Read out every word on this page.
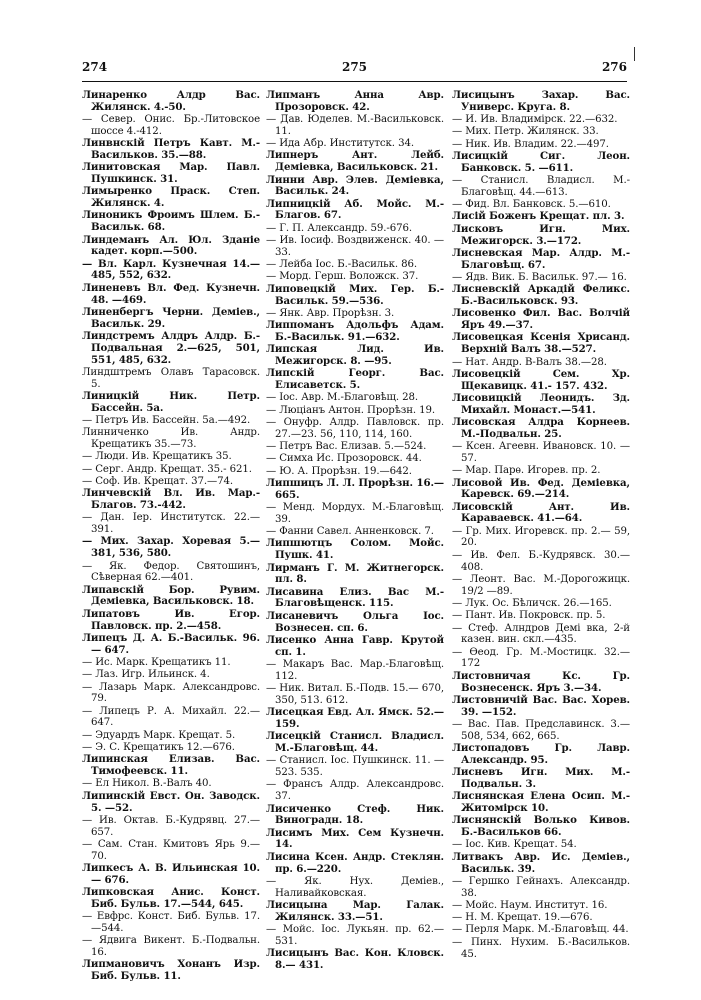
274	275	276
Линаренко Алдр Вас. Жилянск. 4.-50.
— Север. Онис. Бр.-Литовское шоссе 4.-412.
Линвнскій Петръ Кавт. М.-Васильков. 35.—88.
Линитовская Мар. Павл. Пушкинск. 31.
Лимыренко Праск. Степ. Жилянск. 4.
Линоникъ Фроимъ Шлем. Б.-Васильк. 68.
Линдеманъ Ал. Юл. Зданіе кадет. корп.—500.
— Вл. Карл. Кузнечная 14.—485, 552, 632.
Линеневъ Вл. Фед. Кузнечн. 48. —469.
Линенбергъ Черни. Деміев., Васильк. 29.
Линдстремъ Алдръ Алдр. Б.-Подвальная 2.—625, 501, 551, 485, 632.
Линдштремъ Олавъ Тарасовск. 5.
Линицкій Ник. Петр. Бассейн. 5а.
— Петръ Ив. Бассейн. 5а.—492.
Линниченко Ив. Андр. Крещатикъ 35.—73.
— Люди. Ив. Крещатикъ 35.
— Серг. Андр. Крещат. 35.- 621.
— Соф. Ив. Крещат. 37.—74.
Линчевскій Вл. Ив. Мар.-Благов. 73.-442.
— Дан. Іер. Институтск. 22.— 391.
— Мих. Захар. Хоревая 5.— 381, 536, 580.
— Як. Федор. Святошинъ, Сѣверная 62.—401.
Липавскій Бор. Рувим. Деміевка, Васильковск. 18.
Липатовъ Ив. Егор. Павловск. пр. 2.—458.
Липецъ Д. А. Б.-Васильк. 96.— 647.
— Ис. Марк. Крещатикъ 11.
— Лаз. Игр. Ильинск. 4.
— Лазарь Марк. Александровс. 79.
— Липецъ Р. А. Михайл. 22.— 647.
— Эдуардъ Марк. Крещат. 5.
— Э. С. Крещатикъ 12.—676.
Липинская Елизав. Вас. Тимофеевск. 11.
— Ел Никол. В.-Валъ 40.
Липинскій Евст. Он. Заводск. 5. —52.
— Ив. Октав. Б.-Кудрявц. 27.— 657.
— Сам. Стан. Кмитовъ Ярь 9.— 70.
Липкесъ А. В. Ильинская 10.— 676.
Липковская Анис. Конст. Биб. Бульв. 17.—544, 645.
— Евфрс. Конст. Биб. Бульв. 17. —544.
— Ядвига Викент. Б.-Подвальн. 16.
Липмановичъ Хонанъ Изр. Биб. Бульв. 11.
Липманъ Анна Авр. Прозоровск. 42.
— Дав. Юделев. М.-Васильковск. 11.
— Идa Абр. Институтск. 34.
Липнеръ Ант. Лейб. Деміевка, Васильковск. 21.
Линни Авр. Элев. Деміевка, Васильк. 24.
Липницкій Аб. Мойс. М.-Благов. 67.
— Г. П. Александр. 59.-676.
— Ив. Іосиф. Воздвиженск. 40. —33.
— Лейба Іос. Б.-Васильк. 86.
— Морд. Герш. Воложск. 37.
Липовецкій Мих. Гер. Б.-Васильк. 59.—536.
— Янк. Авр. Прорѣзн. 3.
Липпоманъ Адольфъ Адам. Б.-Васильк. 91.—632.
Липская Лид. Ив. Межигорск. 8. —95.
Липскій Георг. Вас. Елисаветск. 5.
— Іос. Авр. М.-Благовѣщ. 28.
— Люціанъ Антон. Прорѣзн. 19.
— Онуфр. Алдр. Павловск. пр. 27.—23. 56, 110, 114, 160.
— Петръ Вас. Елизав. 5.—524.
— Симха Ис. Прозоровск. 44.
— Ю. А. Прорѣзн. 19.—642.
Липшицъ Л. Л. Прорѣзн. 16.— 665.
— Менд. Мордух. М.-Благовѣщ. 39.
— Фанни Савел. Анненковск. 7.
Липшютцъ Солом. Мойс. Пушк. 41.
Лирманъ Г. М. Житнегорск. пл. 8.
Лисавина Елиз. Вас М.-Благовѣщенск. 115.
Лисаневичъ Ольга Іос. Вознесен. сп. 6.
Лисенко Анна Гавр. Крутой сп. 1.
— Макаръ Вас. Мар.-Благовѣщ. 112.
— Ник. Витал. Б.-Подв. 15.— 670, 350, 513. 612.
Лисецкая Евд. Ал. Ямск. 52.— 159.
Лисецкій Станисл. Владисл. М.-Благовѣщ. 44.
— Станисл. Іос. Пушкинск. 11. —523. 535.
— Франсъ Алдр. Александровс. 37.
Лисиченко Стеф. Ник. Виноградн. 18.
Лисимъ Мих. Сем Кузнечн. 14.
Лисина Ксен. Андр. Стеклян. пр. 6.—220.
— Як. Нух. Деміев., Наливайковская.
Лисицына Мар. Галак. Жилянск. 33.—51.
— Мойс. Іос. Лукьян. пр. 62.— 531.
Лисицынъ Вас. Кон. Кловск. 8.— 431.
Лисицынъ Захар. Вас. Универс. Круга. 8.
— И. Ив. Владимірск. 22.—632.
— Мих. Петр. Жилянск. 33.
— Ник. Ив. Владим. 22.—497.
Лисицкій Сиг. Леон. Банковск. 5. —611.
— Станисл. Владисл. М.-Благовѣщ. 44.—613.
— Фид. Вл. Банковск. 5.—610.
Лисій Боженъ Крещат. пл. 3.
Лисковъ Игн. Мих. Межигорск. 3.—172.
Лисневская Мар. Алдр. М.-Благовѣщ. 67.
— Ядв. Вик. Б. Васильк. 97.— 16.
Лисневскій Аркадій Феликс. Б.-Васильковск. 93.
Лисовенко Фил. Вас. Волчій Яръ 49.—37.
Лисовецкая Ксенія Хрисанд. Верхній Валъ 38.—527.
— Нат. Андр. В-Валъ 38.—28.
Лисовецкій Сем. Хр. Щекавицк. 41.- 157. 432.
Лисовицкій Леонидъ. Зд. Михайл. Монаст.—541.
Лисовская Алдра Корнеев. М.-Подвальн. 25.
— Ксен. Агеевн. Ивановск. 10. —57.
— Мар. Парѳ. Игорев. пр. 2.
Лисовой Ив. Фед. Деміевка, Каревск. 69.—214.
Лисовскій Ант. Ив. Караваевск. 41.—64.
— Гр. Мих. Игоревск. пр. 2.— 59, 20.
— Ив. Фел. Б.-Кудрявск. 30.— 408.
— Леонт. Вас. М.-Дорогожицк. 19/2 —89.
— Лук. Ос. Бѣличск. 26.—165.
— Пант. Ив. Покровск. пр. 5.
— Стеф. Алндров Демі вка, 2-й казен. вин. скл.—435.
— Ѳеод. Гр. М.-Мостицк. 32.— 172
Листовничая Кс. Гр. Вознесенск. Яръ 3.—34.
Листовничій Вас. Вас. Хорев. 39. —152.
— Вас. Пав. Предславинск. 3.— 508, 534, 662, 665.
Листопадовъ Гр. Лавр. Александр. 95.
Лисневъ Игн. Мих. М.-Подвальн. 3.
Лиснянская Елена Осип. М.-Житомірск 10.
Лиснянскій Волько Кивов. Б.-Васильков 66.
— Іос. Кив. Крещат. 54.
Литвакъ Авр. Ис. Деміев., Васильк. 39.
— Гершко Гейнахъ. Александр. 38.
— Мойс. Наум. Институт. 16.
— Н. М. Крещат. 19.—676.
— Перля Марк. М.-Благовѣщ. 44.
— Пинх. Нухим. Б.-Васильков. 45.
